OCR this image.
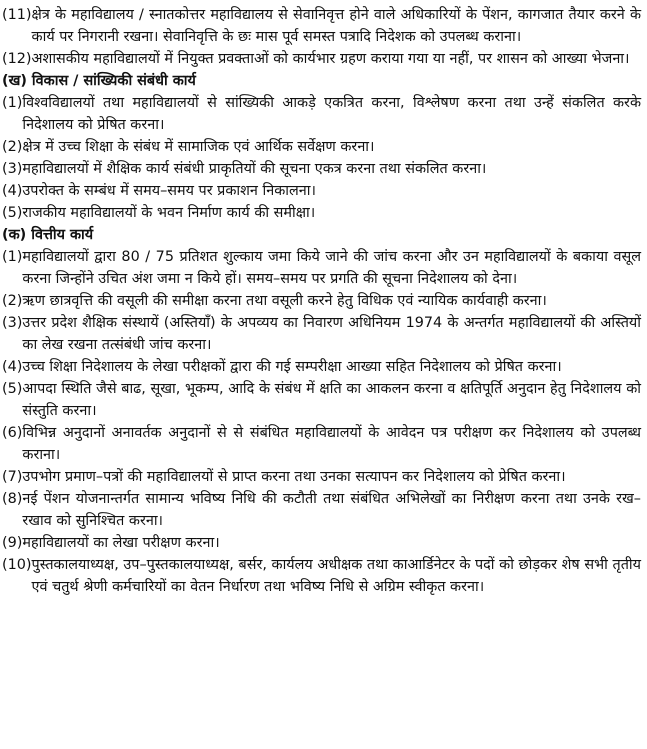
(11) क्षेत्र के महाविद्यालय / स्नातकोत्तर महाविद्यालय से सेवानिवृत्त होने वाले अधिकारियों के पेंशन, कागजात तैयार करने के कार्य पर निगरानी रखना। सेवानिवृत्ति के छः मास पूर्व समस्त पत्रादि निदेशक को उपलब्ध कराना।
(12) अशासकीय महाविद्यालयों में नियुक्त प्रवक्ताओं को कार्यभार ग्रहण कराया गया या नहीं, पर शासन को आख्या भेजना।
(ख) विकास / सांख्यिकी संबंधी कार्य
(1) विश्वविद्यालयों तथा महाविद्यालयों से सांख्यिकी आकड़े एकत्रित करना, विश्लेषण करना तथा उन्हें संकलित करके निदेशालय को प्रेषित करना।
(2) क्षेत्र में उच्च शिक्षा के संबंध में सामाजिक एवं आर्थिक सर्वेक्षण करना।
(3) महाविद्यालयों में शैक्षिक कार्य संबंधी प्राकृतियों की सूचना एकत्र करना तथा संकलित करना।
(4) उपरोक्त के सम्बंध में समय–समय पर प्रकाशन निकालना।
(5) राजकीय महाविद्यालयों के भवन निर्माण कार्य की समीक्षा।
(क) वित्तीय कार्य
(1) महाविद्यालयों द्वारा 80 / 75 प्रतिशत शुल्काय जमा किये जाने की जांच करना और उन महाविद्यालयों के बकाया वसूल करना जिन्होंने उचित अंश जमा न किये हों। समय–समय पर प्रगति की सूचना निदेशालय को देना।
(2) ऋण छात्रवृत्ति की वसूली की समीक्षा करना तथा वसूली करने हेतु विधिक एवं न्यायिक कार्यवाही करना।
(3) उत्तर प्रदेश शैक्षिक संस्थायें (अस्तियाँ) के अपव्यय का निवारण अधिनियम 1974 के अन्तर्गत महाविद्यालयों की अस्तियों का लेख रखना तत्संबंधी जांच करना।
(4) उच्च शिक्षा निदेशालय के लेखा परीक्षकों द्वारा की गई सम्परीक्षा आख्या सहित निदेशालय को प्रेषित करना।
(5) आपदा स्थिति जैसे बाढ, सूखा, भूकम्प, आदि के संबंध में क्षति का आकलन करना व क्षतिपूर्ति अनुदान हेतु निदेशालय को संस्तुति करना।
(6) विभिन्न अनुदानों अनावर्तक अनुदानों से से संबंधित महाविद्यालयों के आवेदन पत्र परीक्षण कर निदेशालय को उपलब्ध कराना।
(7) उपभोग प्रमाण–पत्रों की महाविद्यालयों से प्राप्त करना तथा उनका सत्यापन कर निदेशालय को प्रेषित करना।
(8) नई पेंशन योजनान्तर्गत सामान्य भविष्य निधि की कटौती तथा संबंधित अभिलेखों का निरीक्षण करना तथा उनके रख–रखाव को सुनिश्चित करना।
(9) महाविद्यालयों का लेखा परीक्षण करना।
(10) पुस्तकालयाध्यक्ष, उप–पुस्तकालयाध्यक्ष, बर्सर, कार्यलय अधीक्षक तथा काआर्डिनेटर के पदों को छोड़कर शेष सभी तृतीय एवं चतुर्थ श्रेणी कर्मचारियों का वेतन निर्धारण तथा भविष्य निधि से अग्रिम स्वीकृत करना।
